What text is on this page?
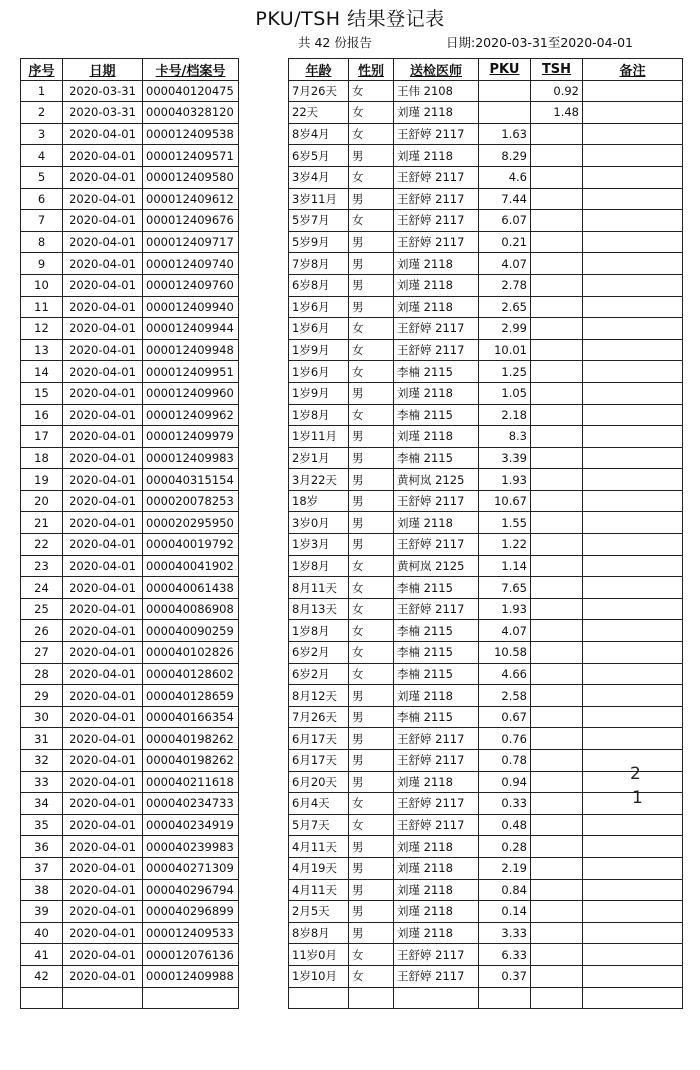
PKU/TSH 结果登记表
共 42 份报告	日期:2020-03-31至2020-04-01
序号	日期	卡号/档案号		年龄	性别	送检医师	PKU	TSH	备注
1	2020-03-31	000040120475		7月26天	女	王伟 2108		0.92	
2	2020-03-31	000040328120		22天	女	刘瑾 2118		1.48	
3	2020-04-01	000012409538		8岁4月	女	王舒婷 2117	1.63		
4	2020-04-01	000012409571		6岁5月	男	刘瑾 2118	8.29		
5	2020-04-01	000012409580		3岁4月	女	王舒婷 2117	4.6		
6	2020-04-01	000012409612		3岁11月	男	王舒婷 2117	7.44		
7	2020-04-01	000012409676		5岁7月	女	王舒婷 2117	6.07		
8	2020-04-01	000012409717		5岁9月	男	王舒婷 2117	0.21		
9	2020-04-01	000012409740		7岁8月	男	刘瑾 2118	4.07		
10	2020-04-01	000012409760		6岁8月	男	刘瑾 2118	2.78		
11	2020-04-01	000012409940		1岁6月	男	刘瑾 2118	2.65		
12	2020-04-01	000012409944		1岁6月	女	王舒婷 2117	2.99		
13	2020-04-01	000012409948		1岁9月	女	王舒婷 2117	10.01		
14	2020-04-01	000012409951		1岁6月	女	李楠 2115	1.25		
15	2020-04-01	000012409960		1岁9月	男	刘瑾 2118	1.05		
16	2020-04-01	000012409962		1岁8月	女	李楠 2115	2.18		
17	2020-04-01	000012409979		1岁11月	男	刘瑾 2118	8.3		
18	2020-04-01	000012409983		2岁1月	男	李楠 2115	3.39		
19	2020-04-01	000040315154		3月22天	男	黄柯岚 2125	1.93		
20	2020-04-01	000020078253		18岁	男	王舒婷 2117	10.67		
21	2020-04-01	000020295950		3岁0月	男	刘瑾 2118	1.55		
22	2020-04-01	000040019792		1岁3月	男	王舒婷 2117	1.22		
23	2020-04-01	000040041902		1岁8月	女	黄柯岚 2125	1.14		
24	2020-04-01	000040061438		8月11天	女	李楠 2115	7.65		
25	2020-04-01	000040086908		8月13天	女	王舒婷 2117	1.93		
26	2020-04-01	000040090259		1岁8月	女	李楠 2115	4.07		
27	2020-04-01	000040102826		6岁2月	女	李楠 2115	10.58		
28	2020-04-01	000040128602		6岁2月	女	李楠 2115	4.66		
29	2020-04-01	000040128659		8月12天	男	刘瑾 2118	2.58		
30	2020-04-01	000040166354		7月26天	男	李楠 2115	0.67		
31	2020-04-01	000040198262		6月17天	男	王舒婷 2117	0.76		
32	2020-04-01	000040198262		6月17天	男	王舒婷 2117	0.78		
33	2020-04-01	000040211618		6月20天	男	刘瑾 2118	0.94		
34	2020-04-01	000040234733		6月4天	女	王舒婷 2117	0.33		
35	2020-04-01	000040234919		5月7天	女	王舒婷 2117	0.48		
36	2020-04-01	000040239983		4月11天	男	刘瑾 2118	0.28		
37	2020-04-01	000040271309		4月19天	男	刘瑾 2118	2.19		
38	2020-04-01	000040296794		4月11天	男	刘瑾 2118	0.84		
39	2020-04-01	000040296899		2月5天	男	刘瑾 2118	0.14		
40	2020-04-01	000012409533		8岁8月	男	刘瑾 2118	3.33		
41	2020-04-01	000012076136		11岁0月	女	王舒婷 2117	6.33		
42	2020-04-01	000012409988		1岁10月	女	王舒婷 2117	0.37		

2
1
